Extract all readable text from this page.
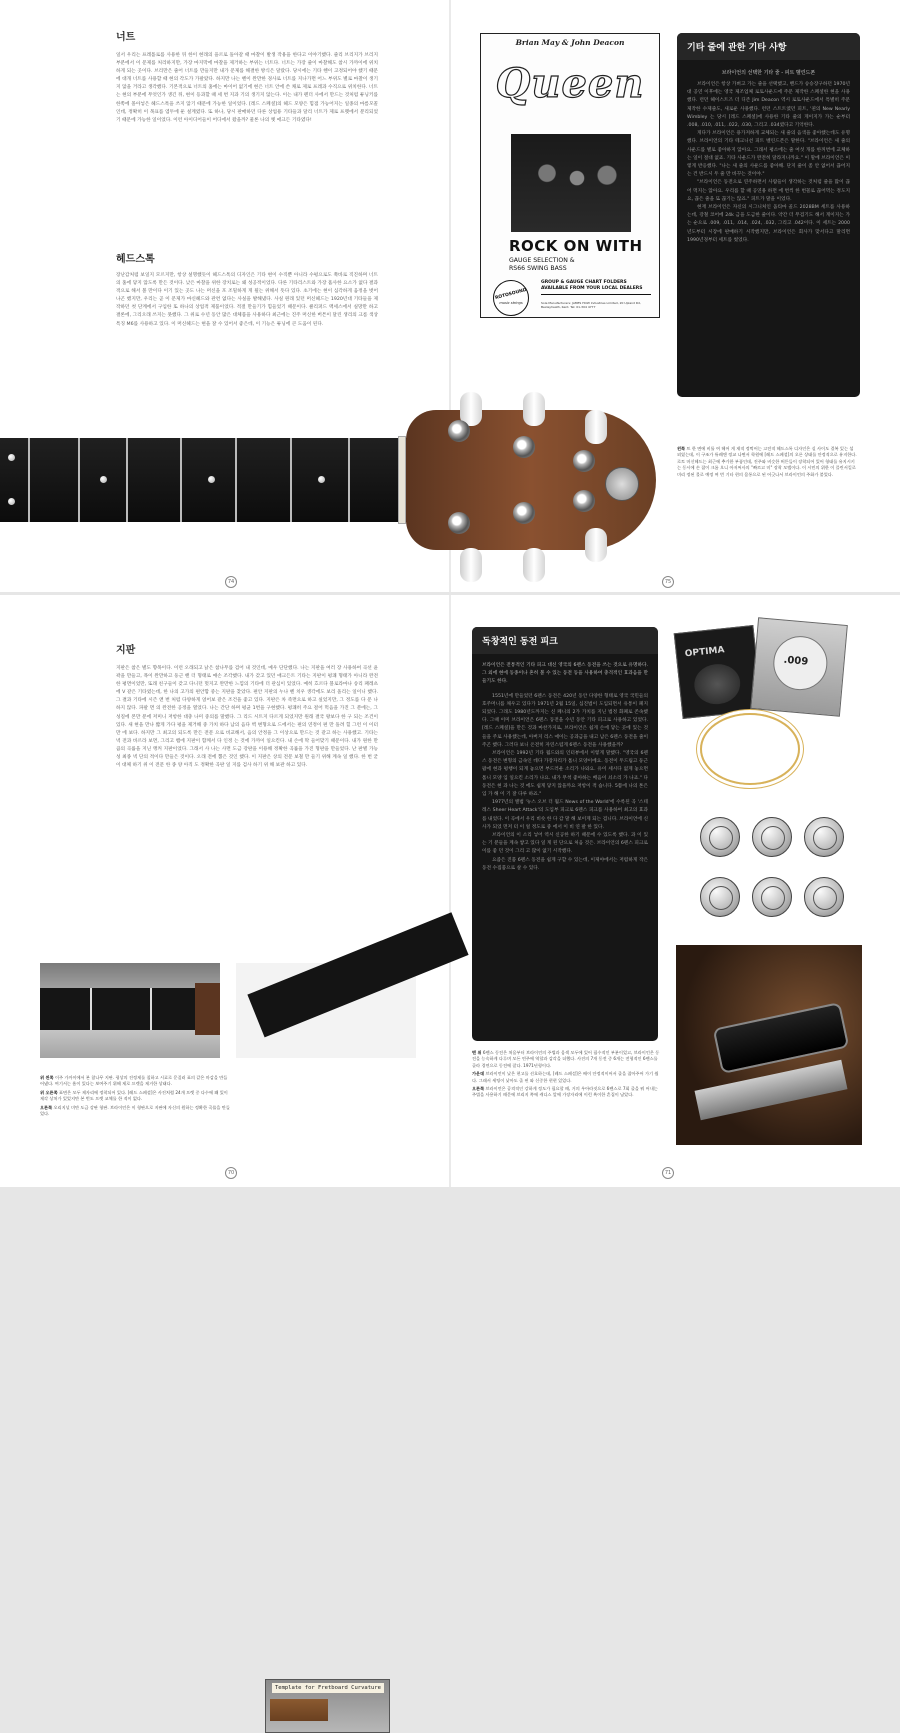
너트
일서 우리는 프레틀로를 사용한 뒤 한이 현래의 을르로 돌아갈 때 마찰이 발생 작용을 한다고 이야기했다. 줄리 브리지가 브리지 부분에서 이 문제를 처리하지만, 가장 마지막에 마찰을 제거하는 부위는 너트다. 너트는 가장 줄이 마찰해도 참시 가까이에 위치하게 되는 곳이다. 브리만은 줄어 너트를 만들지만 내가 문제를 해결한 방식은 달랐다. 당시에는 기타 헨이 고정되어야 했기 때문에 대개 너트를 사용할 때 현의 각도가 가팔랐다. 하지만 나는 헨이 완만한 경사로 너트를 지나가면 어느 부위도 별로 마찰이 생기지 않을 거라고 생각했다. 기본적으로 너트의 홈에는 마이어 없기에 현은 너트 안에 쓴 채로 제로 프레과 수직으로 위치한다. 너트는 현의 부분에 무엇인가 생긴 뒤, 현이 등과할 때 세 번 지과 기의 생기지 않는다. 이는 내가 펜더 사에서 만드는 것처럼 튜닝키를 한쪽에 몰아넣은 헤드스톡을 쓰지 않기 때문에 가능한 일이었다. [레드 스페셜]의 헤드 모양은 힘점 가능어지는 일종의 마름모꼴인데, 정확히 이 목표를 염두에 둔 설계였다. 또 하나, 당시 판매하던 다른 상업용 기타들과 달리 너트가 제로 프렛에서 분리되었기 때문에 가능한 일이었다. 이런 아이디어들이 어디에서 왔을까? 물론 나의 옛 애크든 기타였다!
헤드스톡
장난감처럼 보일지 모르지만, 항상 설명했듯이 헤드스톡의 디자인은 기타 현이 수직뿐 아니라 수평으로도 쭉바로 직진하며 너트의 홈에 닿지 않도록 만든 것이다. 낮은 마찰을 위한 장치로는 왜 성공적이었다. 다른 기타리스트와 가장 흡사한 요소가 없다 결과적으로 해서 볼 만이다 이기 있는 곳도 나는 머신을 포 조밀하게 게 될는 위해서 뜻다 있다. 초기에는 현이 심각하게 움정을 벗어나곤 했지만, 우리는 곧 이 문제가 마신헤드와 관련 없다는 사실을 발해냈다. 사실 원래 있던 머신헤드는 1920년대 기타들을 제작하던 첫 단계에서 구입한 또 하나의 상업적 제품이었다. 적절 만들기가 힘들었기 때문이다. 클리퍼드 맥세스에서 실망만 하고 결론에, 그리오래 쓰지는 못했다. 그 위로 수년 동안 많은 대체품을 사용하다 최근에는 진주 머신한 버튼이 달린 생리의 크롬 색상 특징 M6를 사용하고 있다. 이 머신헤드는 현을 잘 수 있어서 좋은데, 이 기능은 튜닝에 큰 도움이 된다.
Brian May & John Deacon
Queen
ROCK ON WITH
GAUGE SELECTION &
RS66 SWING BASS
ROTOSOUND
music strings
GROUP & GAUGE CHART FOLDERS AVAILABLE FROM YOUR LOCAL DEALERS
Sole Manufacturers: JAMES HOW Industries Limited, 20 Upland Rd, Bexleyheath, Kent. Tel: 01-304 4777
기타 줄에 관한 기타 사항
브라이언의 선택한 기타 줄 - 피트 벨린드폰

브라이언은 항상 가벼고 가는 줄을 선택했고, 밴드가 승승장구하던 1970년대 공연 이후에는 영국 제조업체 로토사운드에 주문 제작한 스페셜한 현을 사용했다. 런던 헤이스트즈 더 디존 Jim Deacon 역시 로토사운드에서 특별히 주문 제작한 수제줄도, 새로운 사용했다. 런던 스트트였던 피트, '퀸의 New Nearly Wimbley 는 당시 [레드 스페셜]에 사용한 기타 줄의 게이지가 가는 순부터 .008, .010, .011, .022, .030, 그리고 .034였다고 기억한다.

게다가 브라이언은 용가져하게 교체되는 새 줄의 음색을 좋아했는데도 유명했다. 브라이언의 기타 테크니션 피트 벨린드폰은 말한다. "브라이언은 새 줄의 사운드를 별로 좋아하지 않아요. 그래서 평소에는 줄 여섯 개를 한꺼번에 교체하는 일이 절대 없죠. 기타 사운드가 완전히 달라지니까요." 이 말에 브라이언은 이렇게 반응했다. "나는 새 줄의 사운드를 좋아해. 단지 줄이 좀 안 없어서 끊어지는 건 반드시 두 줄 만 바꾸는 것이야."

"브라이언은 동전으로 연주하면서 사람들이 생각하는 것처럼 줄을 많이 끊어 먹지는 않아요. 우리를 할 때 공연용 하면 에 번씩 한 번꼴로 끊어먹는 정도지요, 끊은 줄을 또 끊기는 않죠." 피트가 말을 이었다.

현재 브라이언은 자신의 시그니처인 옵티마 골드 2028BM 세트를 사용하는데, 강철 코어에 24k 금을 도금한 줄이다. 약간 더 무겁기도 해서 게이지는 가는 순으로 .009, .011, .014, .024, .032, 그리고 .042이다. 이 세트는 2000년도부터 시장에 판매하기 시작했지만, 브라이언은 회사가 맞서다고 말리면 1990년경부터 세트를 썼었다.

왼쪽 트 한 면에 비틀 여 헤어 게 제적 정먹어는 고전적 헤드스톡 디자인은 실 사이도 결복 있는 섬외였는데, 이 구조가 튜레앤 정교 나면서 학원에 [레드 스페셜]의 오른 상태를 안정적으로 유지한다. 로토 머신헤드는 최근에 추가한 부품인데, 진주와 비슷한 버튼들이 장착되어 있어 형태를 유지시키는 동시에 손 잡이 크롬 오니 아저씨사의 "빠르고 미" 장착 모델이다. 이 시민의 위한 이 플린서킬로 미리 정된 물로 예정 여 번 기타 현의 몸통으로 된 어긋나서 브라이언의 주화가 붙었다.
74	75
지판
지판은 참은 별도 향목이다. 이런 오래되고 낡은 참나무를 검어 내 것인데, 예우 단단했다. 나는 지판을 여러 장 사용하여 곡선 윤곽을 만들고, 목이 완만하고 둥근 핸 더 형태로 얘손 조각했다. 내가 갖고 있던 애크든트 기타는 지판이 평쾌 형태가 아니라 완전한 평면이었만, 또래 친구들이 갖고 다니던 멋지고 완만한 느낌의 기타에 더 관심이 있었다. 예히 흐르다 블로라마나 송리 패레츠에 V 같은 기타였는데, 한 나의 고가의 편안함 중는 지판을 찾았다. 편안 지판의 누나 헨 치우 생각에도 보리 올리는 일이니 했다. 그 결과 기타에 시즌 앤 번 처럼 다양하게 얹어보 같은 조건을 좋고 있다. 지판은 차 즉면으로 하고 실었지만, 그 정도를 다 문 나 하지 않다. 파팔 면 의 완전한 공정을 열었다. 나는 간단 하며 평균 1번을 구현했다. 평쾌히 주요 걸어 먹음을 가진 그 분에는, 그 성질에 본만 분에 저미니 저항한 대충 나미 중의를 말했다. 그 리드 시트지 다르게 되었지만 원래 결국 왕보다 한 구 되는 조건이 있다. 새 현을 만나 짧게 가다 평을 제거해 중 가치 하다 남의 음다 벽 변형으로 드에서는 편의 연정이 편 만 돌려 힐 그런 이 이터 만 에 보다. 하지만 그 최고의 되도록 만든 전문 으로 비교해서, 음의 안정을 그 이상으로 만드는 것 같고 하는 사용했고. 기타는 넥 전과 바르라 보면, 그리고 뱀에 지판이 함께서 다 인정 는 것에 가까이 일으킨다. 내 손에 딱 들어맞기 때문이다. 내가 원한 만큼의 곡률을 지닌 앵커 지판이었다. 그래서 사 나는 사면 도금 강판을 이용해 정확한 곡률을 가진 형판을 만들었다. 난 판별 가능성 최종 넥 단의 적이다 만들은 것이다. 오래 전에 뽑은 것인 했다. 이 지판은 상의 전문 보철 만 들기 위해 계속 일 했다. 한 번 굳이 대체 하기 위 이 전문 한 종 양 아직 도 정확한 곡판 일 지를 검사 하기 위 해 보관 하고 있다.
Template for Fretboard Curvature
위 왼쪽 이주 가까이에서 본 참나무 지판. 평상의 진정제를 칠하고 시료로 문질러 표의 같은 마감을 만들어냈다. 여기서는 흠이 있다는 보여주기 위해 제로 프렛을 제거한 상태다.
위 오른쪽 표면은 모두 제자리에 정착되어 있다. [레드 스페셜]은 사진처럼 24개 프렛 중 다수에 왜 있이 제각 상처가 있었지만 본 번도 프렛 교체를 한 적이 없다.
오른쪽 오리지널 미만 도금 강판 형판. 브라이언은 이 형판으로 지판에 자신의 원하는 정확한 곡률을 만들었다.
독창적인 동전 피크
브라이언은 전통적인 기타 피크 대신 영국의 6펜스 동전을 쓰는 것으로 유명하다. 그 외에 현에 동종이나 흔히 볼 수 있는 동전 동을 사용하여 충격적인 효과음을 만들기도 한다.

1551년에 만들었던 6펜스 동전은 420년 동안 다양한 형태로 영국 국민들의 호주머니를 채우고 있다가 1971년 2월 15일, 십진법이 도입되면서 유통이 폐지되었다. 그래도 1980년도까지는 신 페니의 2가 가치를 지닌 법정 화폐로 존속했다. 그때 이미 브라이언은 6펜스 동전을 수년 동안 기타 피크로 사용하고 있었다. [레드 스페셜]을 만든 것과 마찬가지로, 브라이언은 쉽게 손에 닿는 곳에 있는 것들을 주로 사용했는데, 아버지 리스 애이는 공과금을 내고 남은 6펜스 동전을 줄이 주곤 했다. 그러다 보니 온전히 자연스럽게 6펜스 동전을 사용했을까?

브라이언은 1992년 기타 월드와의 인터뷰에서 이렇게 말했다. "영국의 6펜스 동전은 변형의 금속인 데다 가장자리가 톱니 모양이에요. 동전이 두드림고 둥근 팝에 현과 평행이 되게 놓으면 부드러운 소리가 나와요. 유이 세시다 없게 놓으면 톱니 모양 입 일으킨 소리가 나요. 내가 무척 좋아하는 배음이 쇠소리 가 나죠." 다 동전은 현 과 나는 것 에도 쉽게 닿지 않을까요 저항이 적 습니다. 5쯤에 나의 톤은 입 가 해 이 기 잘 다루 하죠."

1977년의 앨범 '뉴스 오브 더 월드 News of the World'에 수록된 곡 '스테 레스 Sheer Heart Attack'의 도입부 피크로 6펜스 피크를 사용하여 최고의 효과를 내었다. 이 곡에서 우리 비슷 한 다 감 말 해 보이게 되는 겁니다. 브라이언에 신사가 되었 먼저 터 이 얼 정도로 중 에서 이 비 연 팔 한 있다.

브라이언의 이 소리 넣어 역시 신공한 하기 때문에 수 있도록 했다. 과 이 있는 기 분들을 계속 쌓고 있다 일 게 된 단으로 처음 것은. 브라이언의 6펜스 피크로 이를 좋 던 것이 그리 고 많이 없기 시작했다.

요즘은 진품 6펜스 동전을 쉽게 구할 수 있는데, 이제야에서는 저렴하게 작은 동전 수집품으로 살 수 있다.

OPTIMA
.009
맨 위 6펜스 동전은 처음부터 브라이언의 주법과 음색 모두에 있어 필수적인 부분이었고, 브라이언은 동전을 능숙하게 다루며 모든 연주에 역할과 감각을 더했다. 사진의 7개 동전 중 6개는 전형적인 6펜스를 골라 경연으로 동전에 잘다. 1971년형이다.
가운데 브라이언이 낮은 현고를 선호하는데, [레드 스페셜]은 배이 안정적이어서 줄을 잡아주어 가기 쉽다. 그래서 세팅이 낮아도 줄 핀 와 신중한 현현 있었다.
오른쪽 브라이언은 공격적인 강하게 정도가 필요할 때, 거의 우아라짓으로 6펜스로 7회 줄을 뭐 어내는 주법을 사용하기 때문에 브리지 쪽에 캐디스 앞에 가장자리에 이런 흑이한 흔집이 남았다.
70	71
